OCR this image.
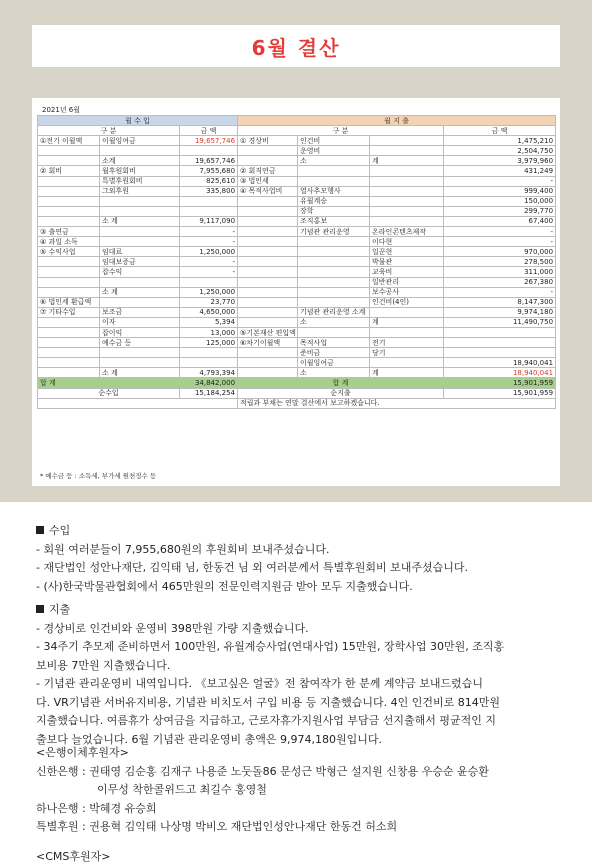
6월 결산
2021년 6월
월 수 입			월 지 출			
구 분		금 액	구 분			금 액
①전기 이월액	이월잉여금	19,657,746	① 경상비	인건비		1,475,210
				운영비		2,504,750
	소계	19,657,746		소	계	3,979,960
② 회비	월후원회비	7,955,680	② 회직연금			431,249
	특별후원회비	825,610	③ 법인세			-
	그외후원	335,800	④ 목적사업비	열사추모행사		999,400
				유월계승		150,000
				장학		299,770
	소 계	9,117,090		조직홍보		67,400
③ 출연금		-		기념관 관리운영	온라인콘텐츠제작	-
④ 과일 소득		-			이다현	-
⑤ 수익사업	임대료	1,250,000			일꾼현	970,000
	임대보증금	-			박물관	278,500
	잡수익	-			교육비	311,000
					일반관리	267,380
	소 계	1,250,000			보수공사	-
⑥ 법인세 환급액		23,770			인건비(4인)	8,147,300
⑦ 기타수입	보조금	4,650,000		기념관 관리운영 소계		9,974,180
	이자	5,394		소	계	11,490,750
	잡이익	13,000	⑤기본재산 편입액			
	예수금 등	125,000	⑥차기이월액	목적사업	전기	
				준비금	당기	
				이월잉여금		18,940,041
	소 계	4,793,394		소	계	18,940,041
합 계		34,842,000	합 계			15,901,959
순수입		15,184,254	순지출			15,901,959
			적립과 부채는 연말 결산에서 보고하겠습니다.			
* 예수금 등 : 소득세, 부가세 원천징수 등

수입

- 회원 여러분들이 7,955,680원의 후원회비 보내주셨습니다.

- 재단법인 성안나재단, 김익태 님, 한동건 님 외 여러분께서 특별후원회비 보내주셨습니다.

- (사)한국박물관협회에서 465만원의 전문인력지원금 받아 모두 지출했습니다.

지출

- 경상비로 인건비와 운영비 398만원 가량 지출했습니다.

- 34주기 추모제 준비하면서 100만원, 유월계승사업(연대사업) 15만원, 장학사업 30만원, 조직홍

보비용 7만원 지출했습니다.

- 기념관 관리운영비 내역입니다. 《보고싶은 얼굴》전 참여작가 한 분께 계약금 보내드렸습니

다. VR기념관 서버유지비용, 기념관 비치도서 구입 비용 등 지출했습니다. 4인 인건비로 814만원

지출했습니다. 여름휴가 상여금을 지급하고, 근로자휴가지원사업 부담금 선지출해서 평균적인 지

출보다 늘었습니다. 6월 기념관 관리운영비 총액은 9,974,180원입니다.

<은행이체후원자>

신한은행 : 권태영 김순홍 김재구 나용준 노둣돌86 문성근 박형근 설지원 신창용 우승순 윤승환

이무성 착한콜위드고 최길수 홍영철

하나은행 : 박혜경 유승희

특별후원 : 권용혁 김익태 나상명 박비오 재단법인성안나재단 한동건 허소희

<CMS후원자>
